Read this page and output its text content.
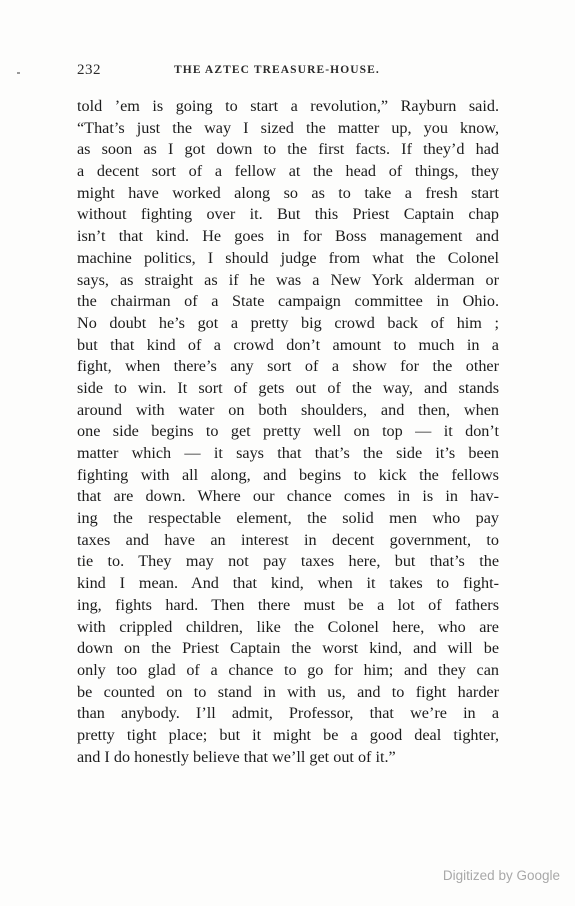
232	THE AZTEC TREASURE-HOUSE.
told ’em is going to start a revolution,” Rayburn said.
“That’s just the way I sized the matter up, you know,
as soon as I got down to the first facts. If they’d had
a decent sort of a fellow at the head of things, they
might have worked along so as to take a fresh start
without fighting over it. But this Priest Captain chap
isn’t that kind. He goes in for Boss management and
machine politics, I should judge from what the Colonel
says, as straight as if he was a New York alderman or
the chairman of a State campaign committee in Ohio.
No doubt he’s got a pretty big crowd back of him ;
but that kind of a crowd don’t amount to much in a
fight, when there’s any sort of a show for the other
side to win. It sort of gets out of the way, and stands
around with water on both shoulders, and then, when
one side begins to get pretty well on top — it don’t
matter which — it says that that’s the side it’s been
fighting with all along, and begins to kick the fellows
that are down. Where our chance comes in is in hav-
ing the respectable element, the solid men who pay
taxes and have an interest in decent government, to
tie to. They may not pay taxes here, but that’s the
kind I mean. And that kind, when it takes to fight-
ing, fights hard. Then there must be a lot of fathers
with crippled children, like the Colonel here, who are
down on the Priest Captain the worst kind, and will be
only too glad of a chance to go for him; and they can
be counted on to stand in with us, and to fight harder
than anybody. I’ll admit, Professor, that we’re in a
pretty tight place; but it might be a good deal tighter,
and I do honestly believe that we’ll get out of it.”
Digitized by Google
